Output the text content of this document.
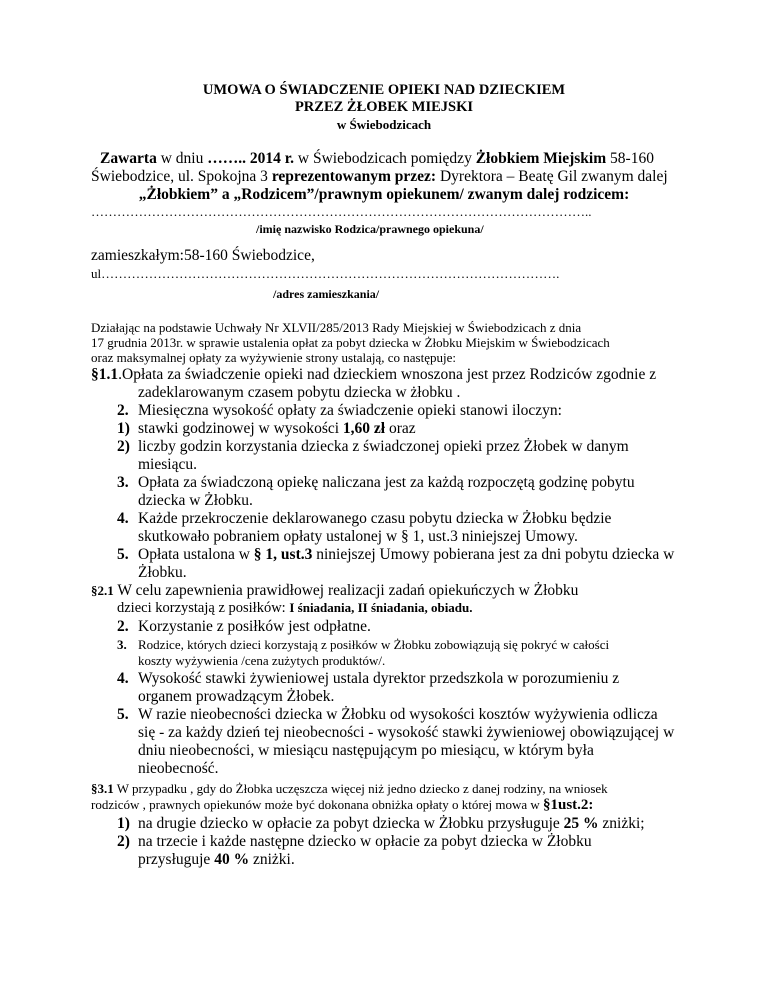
UMOWA O ŚWIADCZENIE OPIEKI NAD DZIECKIEM
PRZEZ ŻŁOBEK MIEJSKI
w Świebodzicach
Zawarta w dniu …….. 2014 r. w Świebodzicach pomiędzy Żłobkiem Miejskim 58-160
Świebodzice, ul. Spokojna 3 reprezentowanym przez: Dyrektora – Beatę Gil zwanym dalej
„Żłobkiem” a „Rodzicem”/prawnym opiekunem/ zwanym dalej rodzicem:
……………………………………………………………………………………………………..
/imię nazwisko Rodzica/prawnego opiekuna/
zamieszkałym:58-160 Świebodzice,
ul…………………………………………………………………………………………….
/adres zamieszkania/
Działając na podstawie Uchwały Nr XLVII/285/2013 Rady Miejskiej w Świebodzicach z dnia
17 grudnia 2013r. w sprawie ustalenia opłat za pobyt dziecka w Żłobku Miejskim w Świebodzicach
oraz maksymalnej opłaty za wyżywienie strony ustalają, co następuje:
§1.1.Opłata za świadczenie opieki nad dzieckiem wnoszona jest przez Rodziców zgodnie z
zadeklarowanym czasem pobytu dziecka w żłobku .
2. Miesięczna wysokość opłaty za świadczenie opieki stanowi iloczyn:
1) stawki godzinowej w wysokości 1,60 zł oraz
2) liczby godzin korzystania dziecka z świadczonej opieki przez Żłobek w danym
miesiącu.
3. Opłata za świadczoną opiekę naliczana jest za każdą rozpoczętą godzinę pobytu
dziecka w Żłobku.
4. Każde przekroczenie deklarowanego czasu pobytu dziecka w Żłobku będzie
skutkowało pobraniem opłaty ustalonej w § 1, ust.3 niniejszej Umowy.
5. Opłata ustalona w § 1, ust.3 niniejszej Umowy pobierana jest za dni pobytu dziecka w
Żłobku.
§2.1 W celu zapewnienia prawidłowej realizacji zadań opiekuńczych w Żłobku
dzieci korzystają z posiłków: I śniadania, II śniadania, obiadu.
2. Korzystanie z posiłków jest odpłatne.
3. Rodzice, których dzieci korzystają z posiłków w Żłobku zobowiązują się pokryć w całości
koszty wyżywienia /cena zużytych produktów/.
4. Wysokość stawki żywieniowej ustala dyrektor przedszkola w porozumieniu z
organem prowadzącym Żłobek.
5. W razie nieobecności dziecka w Żłobku od wysokości kosztów wyżywienia odlicza
się - za każdy dzień tej nieobecności - wysokość stawki żywieniowej obowiązującej w
dniu nieobecności, w miesiącu następującym po miesiącu, w którym była
nieobecność.
§3.1 W przypadku , gdy do Żłobka uczęszcza więcej niż jedno dziecko z danej rodziny, na wniosek
rodziców , prawnych opiekunów może być dokonana obniżka opłaty o której mowa w §1ust.2:
1) na drugie dziecko w opłacie za pobyt dziecka w Żłobku przysługuje 25 % zniżki;
2) na trzecie i każde następne dziecko w opłacie za pobyt dziecka w Żłobku
przysługuje 40 % zniżki.
